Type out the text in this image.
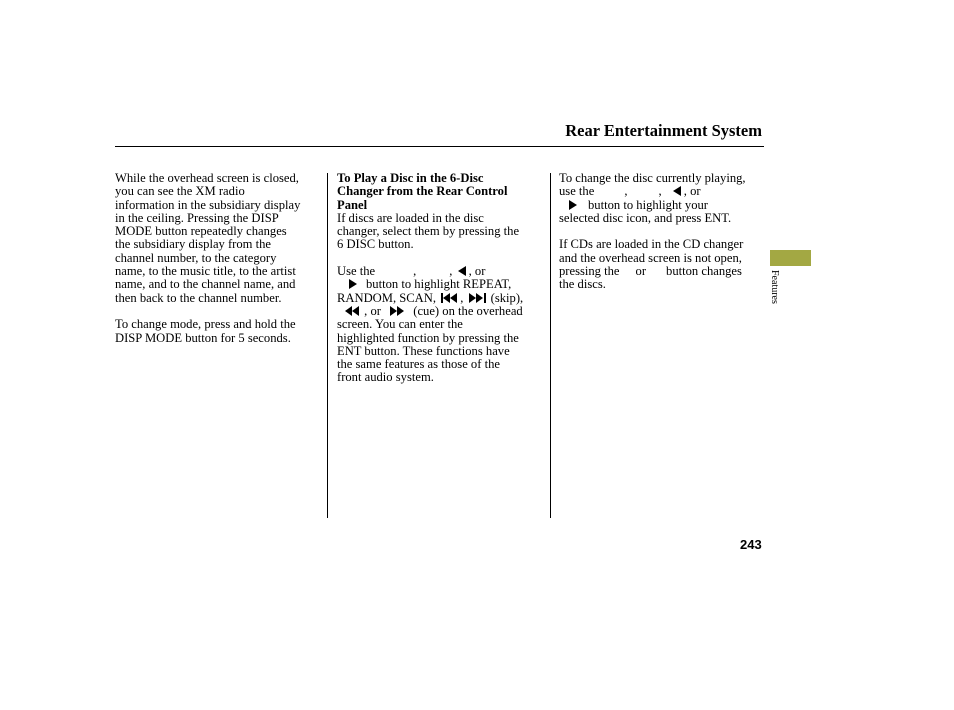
Rear Entertainment System

While the overhead screen is closed,
you can see the XM radio
information in the subsidiary display
in the ceiling. Pressing the DISP
MODE button repeatedly changes
the subsidiary display from the
channel number, to the category
name, to the music title, to the artist
name, and to the channel name, and
then back to the channel number.

To change mode, press and hold the
DISP MODE button for 5 seconds.

To Play a Disc in the 6-Disc
Changer from the Rear Control
Panel

If discs are loaded in the disc
changer, select them by pressing the
6 DISC button.

Use the	,	, , or
button to highlight REPEAT,
RANDOM, SCAN, , (skip),
, or	(cue) on the overhead
screen. You can enter the
highlighted function by pressing the
ENT button. These functions have
the same features as those of the
front audio system.

To change the disc currently playing,
use the , , , or
button to highlight your
selected disc icon, and press ENT.

If CDs are loaded in the CD changer
and the overhead screen is not open,
pressing the or button changes
the discs.	Features
243
